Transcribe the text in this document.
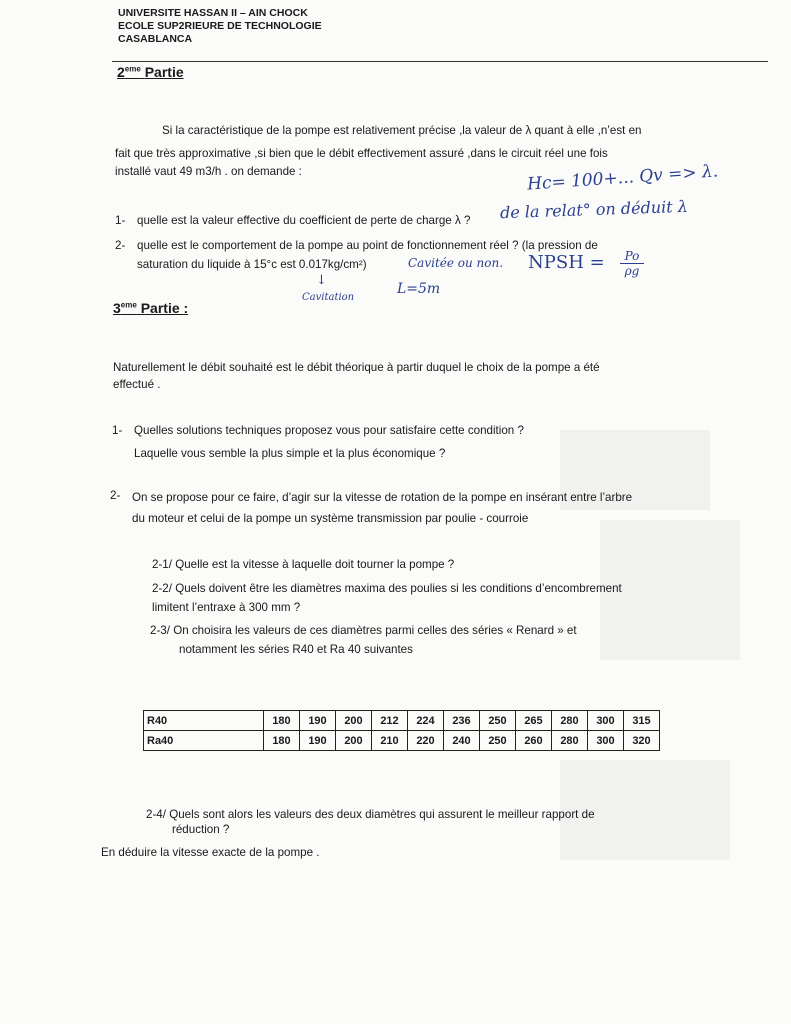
UNIVERSITE HASSAN II – AIN CHOCK
ECOLE SUP2RIEURE DE TECHNOLOGIE
CASABLANCA
2eme Partie
Si la caractéristique de la pompe est relativement précise ,la valeur de λ quant à elle ,n’est en
fait que très approximative ,si bien que le débit effectivement assuré ,dans le circuit réel une fois
installé vaut 49 m3/h . on demande :
1- quelle est la valeur effective du coefficient de perte de charge λ ?
2- quelle est le comportement de la pompe au point de fonctionnement réel ? (la pression de
saturation du liquide à 15°c est 0.017kg/cm²)
Hc= 100+... Qv => λ.
de la relat° on déduit λ
Cavitée ou non. NPSH =	Po
ρg
↓
Cavitation
L=5m
3eme Partie :
Naturellement le débit souhaité est le débit théorique à partir duquel le choix de la pompe a été
effectué .
1- Quelles solutions techniques proposez vous pour satisfaire cette condition ?
Laquelle vous semble la plus simple et la plus économique ?
2- On se propose pour ce faire, d’agir sur la vitesse de rotation de la pompe en insérant entre l’arbre
du moteur et celui de la pompe un système transmission par poulie - courroie
2-1/ Quelle est la vitesse à laquelle doit tourner la pompe ?
2-2/ Quels doivent être les diamètres maxima des poulies si les conditions d’encombrement
limitent l’entraxe à 300 mm ?
2-3/ On choisira les valeurs de ces diamètres parmi celles des séries « Renard » et
notamment les séries R40 et Ra 40 suivantes
R40	180	190	200	212	224	236	250	265	280	300	315
Ra40	180	190	200	210	220	240	250	260	280	300	320
2-4/ Quels sont alors les valeurs des deux diamètres qui assurent le meilleur rapport de
réduction ?
En déduire la vitesse exacte de la pompe .
